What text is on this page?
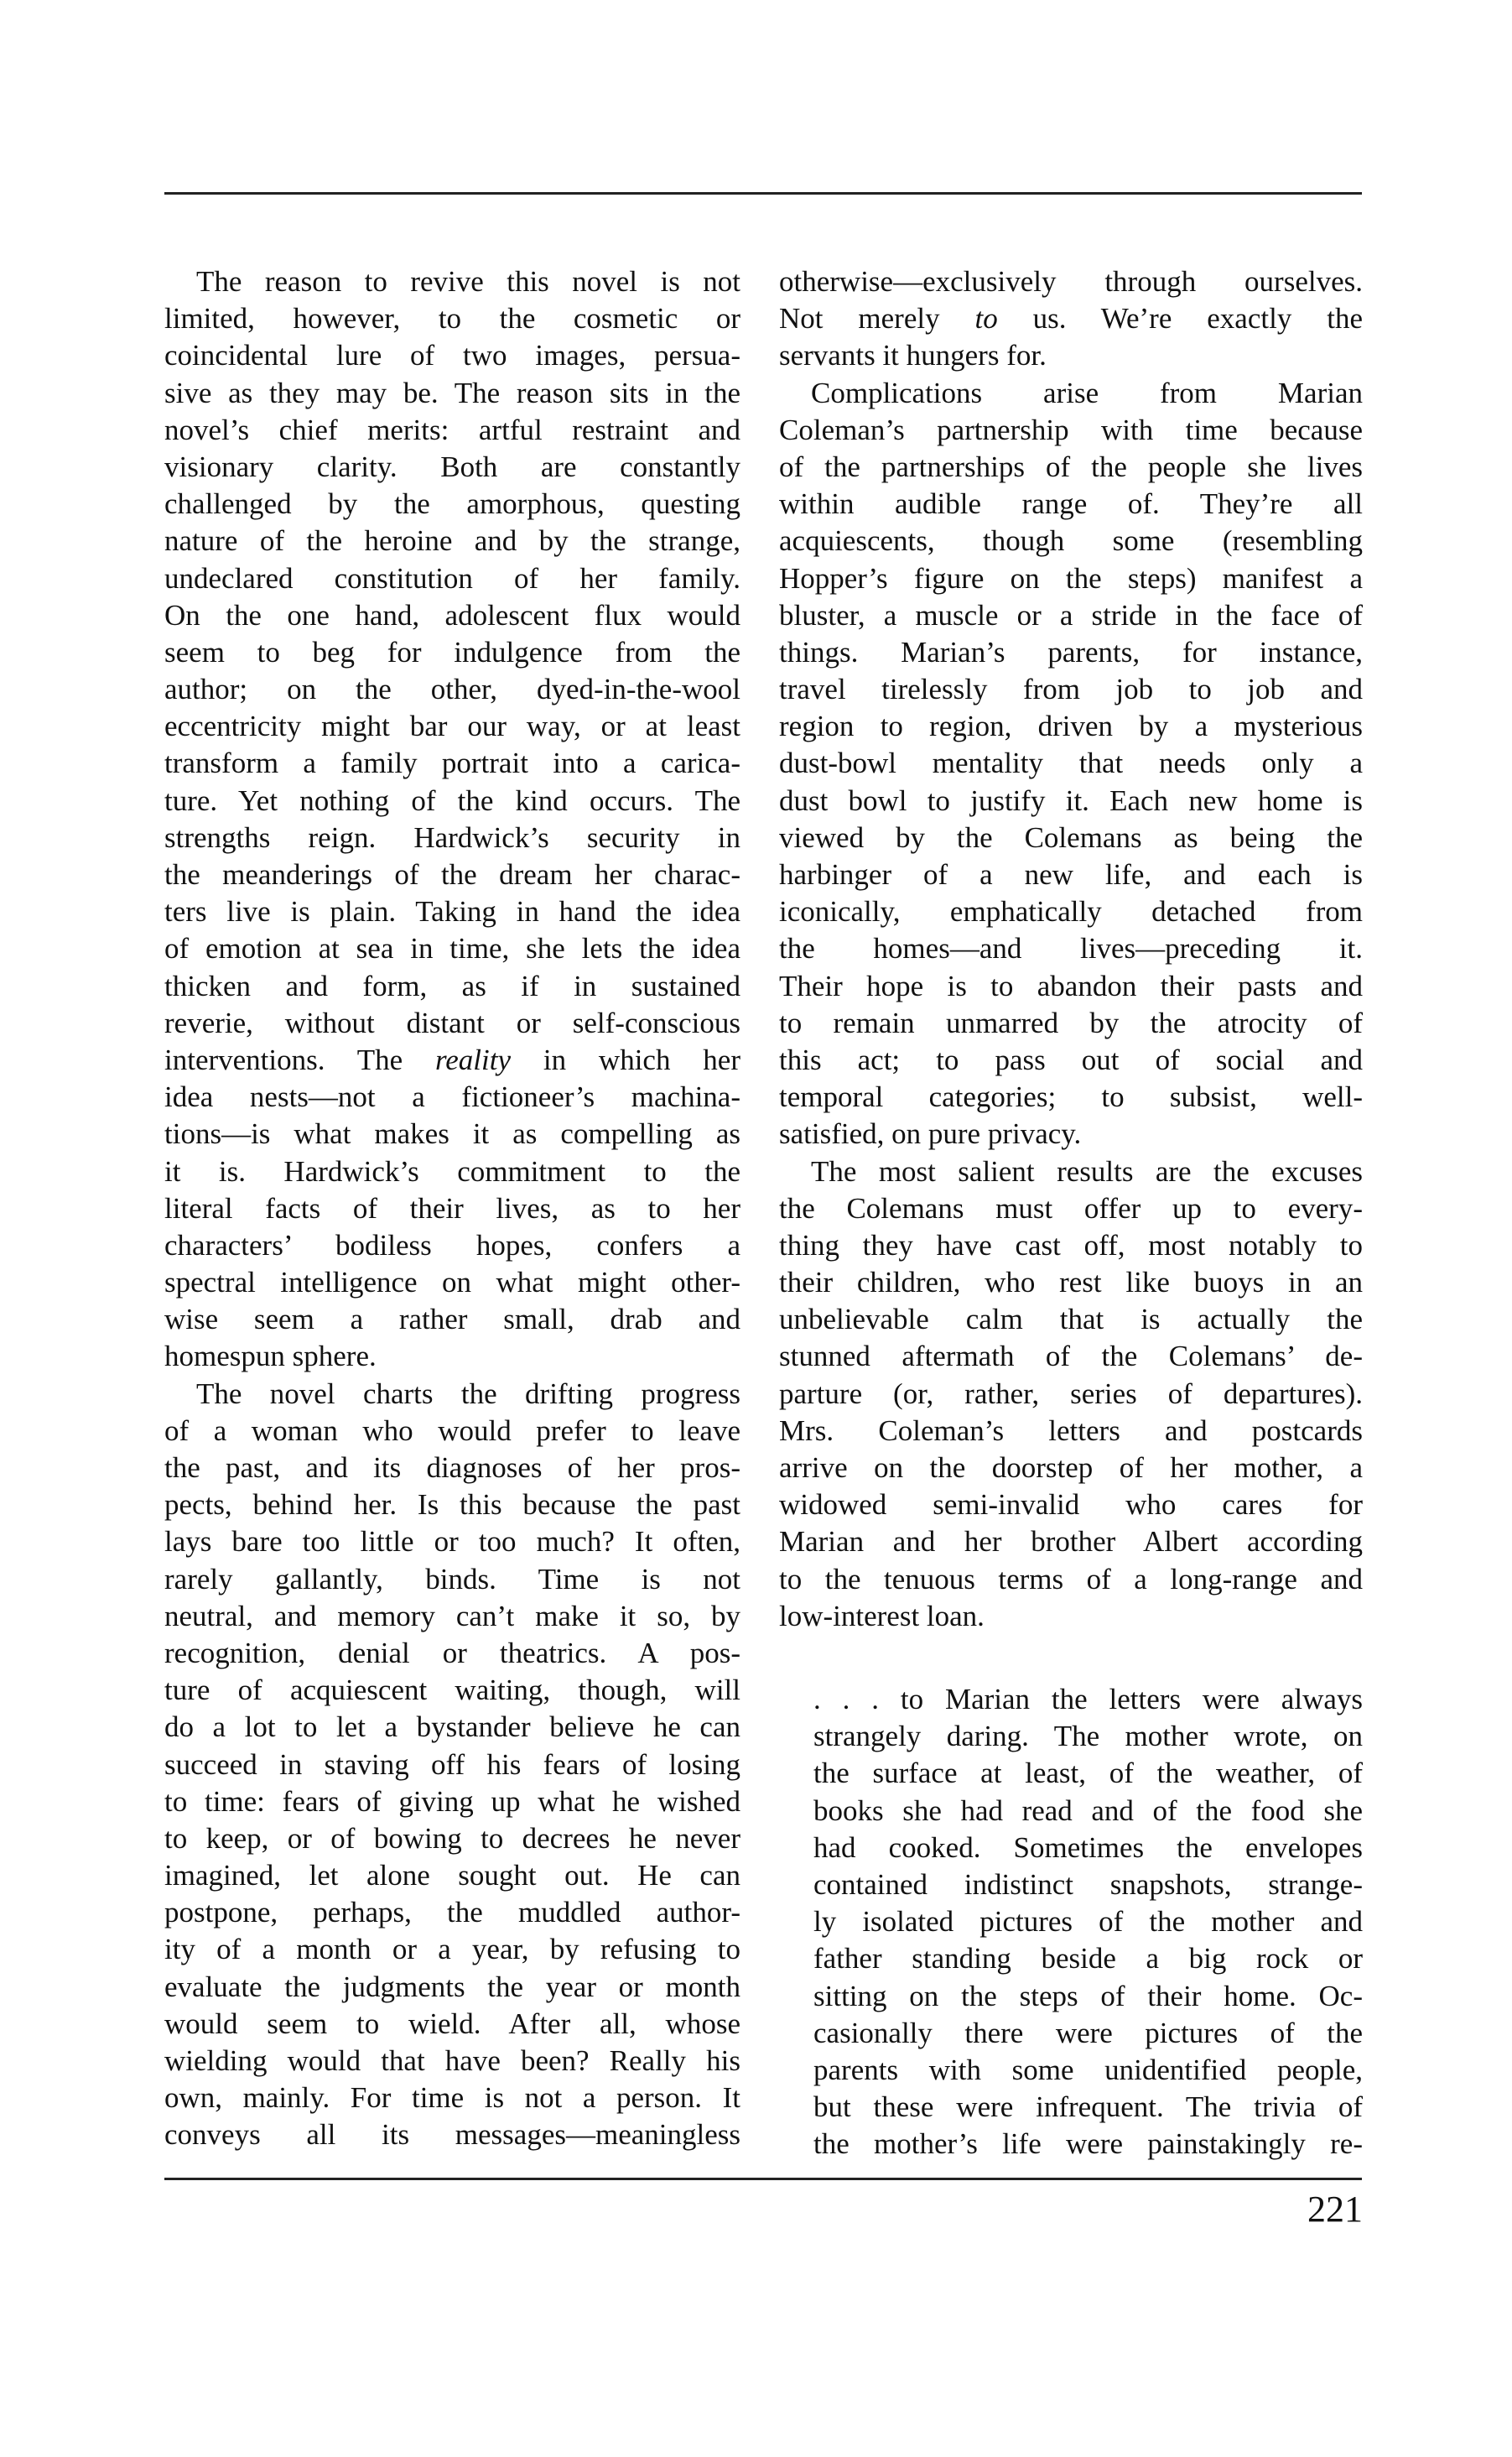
The reason to revive this novel is not
limited, however, to the cosmetic or
coincidental lure of two images, persua-
sive as they may be. The reason sits in the
novel’s chief merits: artful restraint and
visionary clarity. Both are constantly
challenged by the amorphous, questing
nature of the heroine and by the strange,
undeclared constitution of her family.
On the one hand, adolescent flux would
seem to beg for indulgence from the
author; on the other, dyed-in-the-wool
eccentricity might bar our way, or at least
transform a family portrait into a carica-
ture. Yet nothing of the kind occurs. The
strengths reign. Hardwick’s security in
the meanderings of the dream her charac-
ters live is plain. Taking in hand the idea
of emotion at sea in time, she lets the idea
thicken and form, as if in sustained
reverie, without distant or self-conscious
interventions. The reality in which her
idea nests—not a fictioneer’s machina-
tions—is what makes it as compelling as
it is. Hardwick’s commitment to the
literal facts of their lives, as to her
characters’ bodiless hopes, confers a
spectral intelligence on what might other-
wise seem a rather small, drab and
homespun sphere.
The novel charts the drifting progress
of a woman who would prefer to leave
the past, and its diagnoses of her pros-
pects, behind her. Is this because the past
lays bare too little or too much? It often,
rarely gallantly, binds. Time is not
neutral, and memory can’t make it so, by
recognition, denial or theatrics. A pos-
ture of acquiescent waiting, though, will
do a lot to let a bystander believe he can
succeed in staving off his fears of losing
to time: fears of giving up what he wished
to keep, or of bowing to decrees he never
imagined, let alone sought out. He can
postpone, perhaps, the muddled author-
ity of a month or a year, by refusing to
evaluate the judgments the year or month
would seem to wield. After all, whose
wielding would that have been? Really his
own, mainly. For time is not a person. It
conveys all its messages—meaningless
otherwise—exclusively through ourselves.
Not merely to us. We’re exactly the
servants it hungers for.
Complications arise from Marian
Coleman’s partnership with time because
of the partnerships of the people she lives
within audible range of. They’re all
acquiescents, though some (resembling
Hopper’s figure on the steps) manifest a
bluster, a muscle or a stride in the face of
things. Marian’s parents, for instance,
travel tirelessly from job to job and
region to region, driven by a mysterious
dust-bowl mentality that needs only a
dust bowl to justify it. Each new home is
viewed by the Colemans as being the
harbinger of a new life, and each is
iconically, emphatically detached from
the homes—and lives—preceding it.
Their hope is to abandon their pasts and
to remain unmarred by the atrocity of
this act; to pass out of social and
temporal categories; to subsist, well-
satisfied, on pure privacy.
The most salient results are the excuses
the Colemans must offer up to every-
thing they have cast off, most notably to
their children, who rest like buoys in an
unbelievable calm that is actually the
stunned aftermath of the Colemans’ de-
parture (or, rather, series of departures).
Mrs. Coleman’s letters and postcards
arrive on the doorstep of her mother, a
widowed semi-invalid who cares for
Marian and her brother Albert according
to the tenuous terms of a long-range and
low-interest loan.
. . . to Marian the letters were always
strangely daring. The mother wrote, on
the surface at least, of the weather, of
books she had read and of the food she
had cooked. Sometimes the envelopes
contained indistinct snapshots, strange-
ly isolated pictures of the mother and
father standing beside a big rock or
sitting on the steps of their home. Oc-
casionally there were pictures of the
parents with some unidentified people,
but these were infrequent. The trivia of
the mother’s life were painstakingly re-
221
